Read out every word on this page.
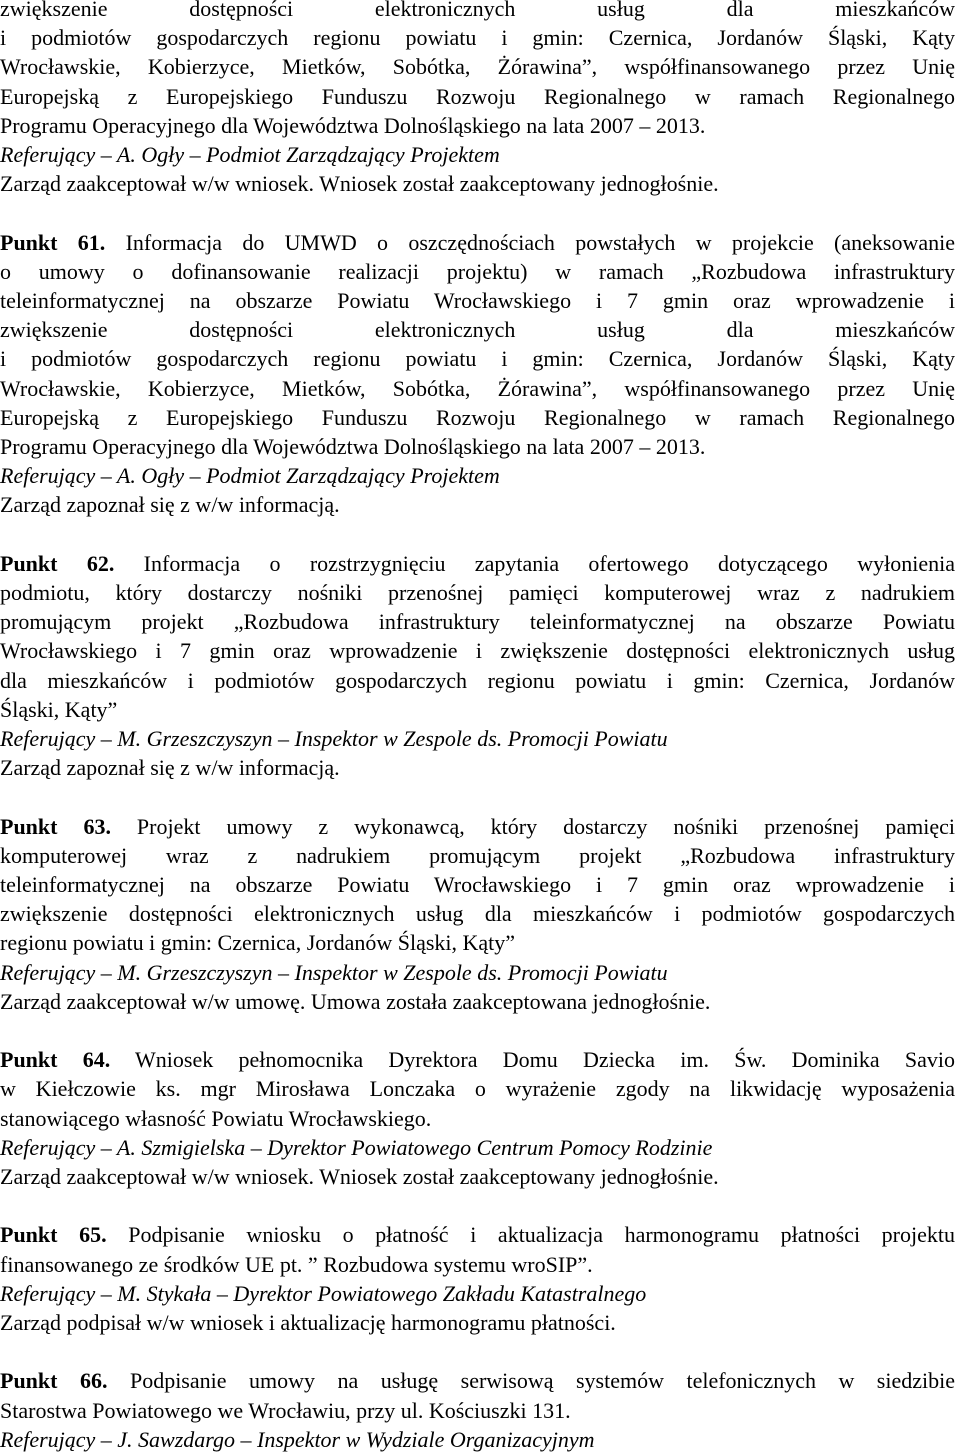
zwiększenie dostępności elektronicznych usług dla mieszkańców
i podmiotów gospodarczych regionu powiatu i gmin: Czernica, Jordanów Śląski, Kąty
Wrocławskie, Kobierzyce, Mietków, Sobótka, Żórawina”, współfinansowanego przez Unię
Europejską z Europejskiego Funduszu Rozwoju Regionalnego w ramach Regionalnego
Programu Operacyjnego dla Województwa Dolnośląskiego na lata 2007 – 2013.
Referujący – A. Ogły – Podmiot Zarządzający Projektem
Zarząd zaakceptował w/w wniosek. Wniosek został zaakceptowany jednogłośnie.
Punkt 61. Informacja do UMWD o oszczędnościach powstałych w projekcie (aneksowanie
o umowy o dofinansowanie realizacji projektu) w ramach „Rozbudowa infrastruktury
teleinformatycznej na obszarze Powiatu Wrocławskiego i 7 gmin oraz wprowadzenie i
zwiększenie dostępności elektronicznych usług dla mieszkańców
i podmiotów gospodarczych regionu powiatu i gmin: Czernica, Jordanów Śląski, Kąty
Wrocławskie, Kobierzyce, Mietków, Sobótka, Żórawina”, współfinansowanego przez Unię
Europejską z Europejskiego Funduszu Rozwoju Regionalnego w ramach Regionalnego
Programu Operacyjnego dla Województwa Dolnośląskiego na lata 2007 – 2013.
Referujący – A. Ogły – Podmiot Zarządzający Projektem
Zarząd zapoznał się z w/w informacją.
Punkt 62. Informacja o rozstrzygnięciu zapytania ofertowego dotyczącego wyłonienia
podmiotu, który dostarczy nośniki przenośnej pamięci komputerowej wraz z nadrukiem
promującym projekt „Rozbudowa infrastruktury teleinformatycznej na obszarze Powiatu
Wrocławskiego i 7 gmin oraz wprowadzenie i zwiększenie dostępności elektronicznych usług
dla mieszkańców i podmiotów gospodarczych regionu powiatu i gmin: Czernica, Jordanów
Śląski, Kąty”
Referujący – M. Grzeszczyszyn – Inspektor w Zespole ds. Promocji Powiatu
Zarząd zapoznał się z w/w informacją.
Punkt 63. Projekt umowy z wykonawcą, który dostarczy nośniki przenośnej pamięci
komputerowej wraz z nadrukiem promującym projekt „Rozbudowa infrastruktury
teleinformatycznej na obszarze Powiatu Wrocławskiego i 7 gmin oraz wprowadzenie i
zwiększenie dostępności elektronicznych usług dla mieszkańców i podmiotów gospodarczych
regionu powiatu i gmin: Czernica, Jordanów Śląski, Kąty”
Referujący – M. Grzeszczyszyn – Inspektor w Zespole ds. Promocji Powiatu
Zarząd zaakceptował w/w umowę. Umowa została zaakceptowana jednogłośnie.
Punkt 64. Wniosek pełnomocnika Dyrektora Domu Dziecka im. Św. Dominika Savio
w Kiełczowie ks. mgr Mirosława Lonczaka o wyrażenie zgody na likwidację wyposażenia
stanowiącego własność Powiatu Wrocławskiego.
Referujący – A. Szmigielska – Dyrektor Powiatowego Centrum Pomocy Rodzinie
Zarząd zaakceptował w/w wniosek. Wniosek został zaakceptowany jednogłośnie.
Punkt 65. Podpisanie wniosku o płatność i aktualizacja harmonogramu płatności projektu
finansowanego ze środków UE pt. ” Rozbudowa systemu wroSIP”.
Referujący – M. Stykała – Dyrektor Powiatowego Zakładu Katastralnego
Zarząd podpisał w/w wniosek i aktualizację harmonogramu płatności.
Punkt 66. Podpisanie umowy na usługę serwisową systemów telefonicznych w siedzibie
Starostwa Powiatowego we Wrocławiu, przy ul. Kościuszki 131.
Referujący – J. Sawzdargo – Inspektor w Wydziale Organizacyjnym
